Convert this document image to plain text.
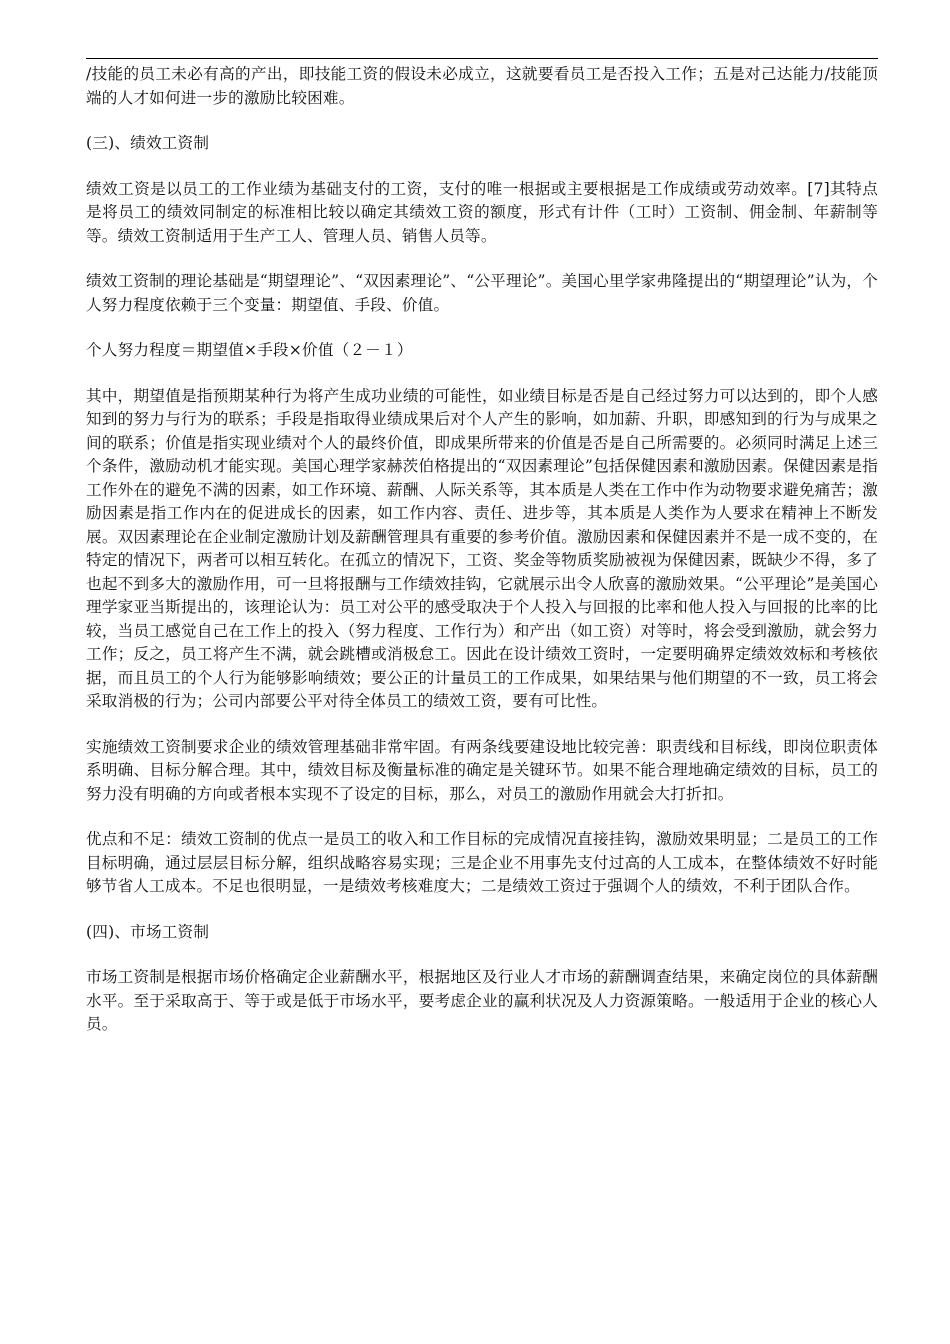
/技能的员工未必有高的产出，即技能工资的假设未必成立，这就要看员工是否投入工作；五是对己达能力/技能顶端的人才如何进一步的激励比较困难。

(三)、绩效工资制

绩效工资是以员工的工作业绩为基础支付的工资，支付的唯一根据或主要根据是工作成绩或劳动效率。[7]其特点是将员工的绩效同制定的标准相比较以确定其绩效工资的额度，形式有计件（工时）工资制、佣金制、年薪制等等。绩效工资制适用于生产工人、管理人员、销售人员等。

绩效工资制的理论基础是“期望理论”、“双因素理论”、“公平理论”。美国心里学家弗隆提出的“期望理论”认为，个人努力程度依赖于三个变量：期望值、手段、价值。

个人努力程度＝期望值×手段×价值（２－１）

其中，期望值是指预期某种行为将产生成功业绩的可能性，如业绩目标是否是自己经过努力可以达到的，即个人感知到的努力与行为的联系；手段是指取得业绩成果后对个人产生的影响，如加薪、升职，即感知到的行为与成果之间的联系；价值是指实现业绩对个人的最终价值，即成果所带来的价值是否是自己所需要的。必须同时满足上述三个条件，激励动机才能实现。美国心理学家赫茨伯格提出的“双因素理论”包括保健因素和激励因素。保健因素是指工作外在的避免不满的因素，如工作环境、薪酬、人际关系等，其本质是人类在工作中作为动物要求避免痛苦；激励因素是指工作内在的促进成长的因素，如工作内容、责任、进步等，其本质是人类作为人要求在精神上不断发展。双因素理论在企业制定激励计划及薪酬管理具有重要的参考价值。激励因素和保健因素并不是一成不变的，在特定的情况下，两者可以相互转化。在孤立的情况下，工资、奖金等物质奖励被视为保健因素，既缺少不得，多了也起不到多大的激励作用，可一旦将报酬与工作绩效挂钩，它就展示出令人欣喜的激励效果。“公平理论”是美国心理学家亚当斯提出的，该理论认为：员工对公平的感受取决于个人投入与回报的比率和他人投入与回报的比率的比较，当员工感觉自己在工作上的投入（努力程度、工作行为）和产出（如工资）对等时，将会受到激励，就会努力工作；反之，员工将产生不满，就会跳槽或消极怠工。因此在设计绩效工资时，一定要明确界定绩效效标和考核依据，而且员工的个人行为能够影响绩效；要公正的计量员工的工作成果，如果结果与他们期望的不一致，员工将会采取消极的行为；公司内部要公平对待全体员工的绩效工资，要有可比性。

实施绩效工资制要求企业的绩效管理基础非常牢固。有两条线要建设地比较完善：职责线和目标线，即岗位职责体系明确、目标分解合理。其中，绩效目标及衡量标准的确定是关键环节。如果不能合理地确定绩效的目标，员工的努力没有明确的方向或者根本实现不了设定的目标，那么，对员工的激励作用就会大打折扣。

优点和不足：绩效工资制的优点一是员工的收入和工作目标的完成情况直接挂钩，激励效果明显；二是员工的工作目标明确，通过层层目标分解，组织战略容易实现；三是企业不用事先支付过高的人工成本，在整体绩效不好时能够节省人工成本。不足也很明显，一是绩效考核难度大；二是绩效工资过于强调个人的绩效，不利于团队合作。

(四)、市场工资制

市场工资制是根据市场价格确定企业薪酬水平，根据地区及行业人才市场的薪酬调查结果，来确定岗位的具体薪酬水平。至于采取高于、等于或是低于市场水平，要考虑企业的赢利状况及人力资源策略。一般适用于企业的核心人员。
